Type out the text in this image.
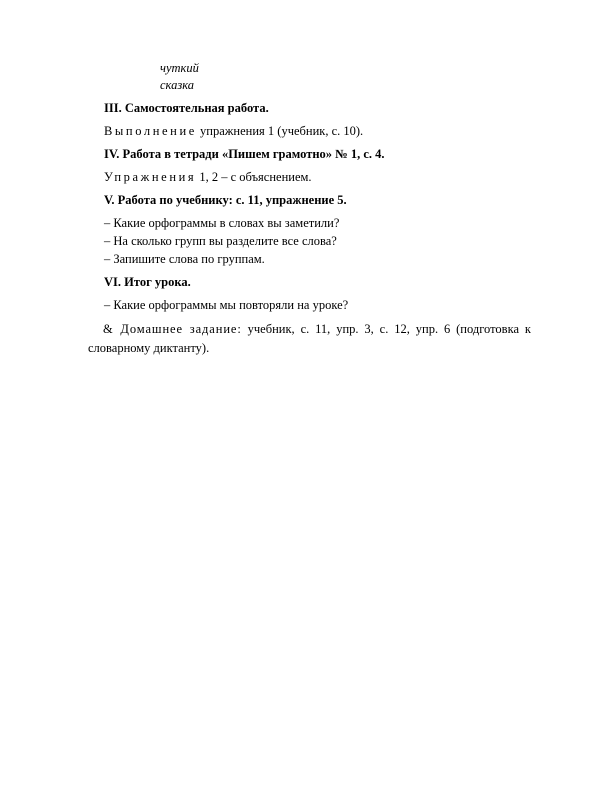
чуткий
сказка
III. Самостоятельная работа.
Выполнение упражнения 1 (учебник, с. 10).
IV. Работа в тетради «Пишем грамотно» № 1, с. 4.
Упражнения 1, 2 – с объяснением.
V. Работа по учебнику: с. 11, упражнение 5.
– Какие орфограммы в словах вы заметили?
– На сколько групп вы разделите все слова?
– Запишите слова по группам.
VI. Итог урока.
– Какие орфограммы мы повторяли на уроке?
& Домашнее задание: учебник, с. 11, упр. 3, с. 12, упр. 6 (подготовка к словарному диктанту).
